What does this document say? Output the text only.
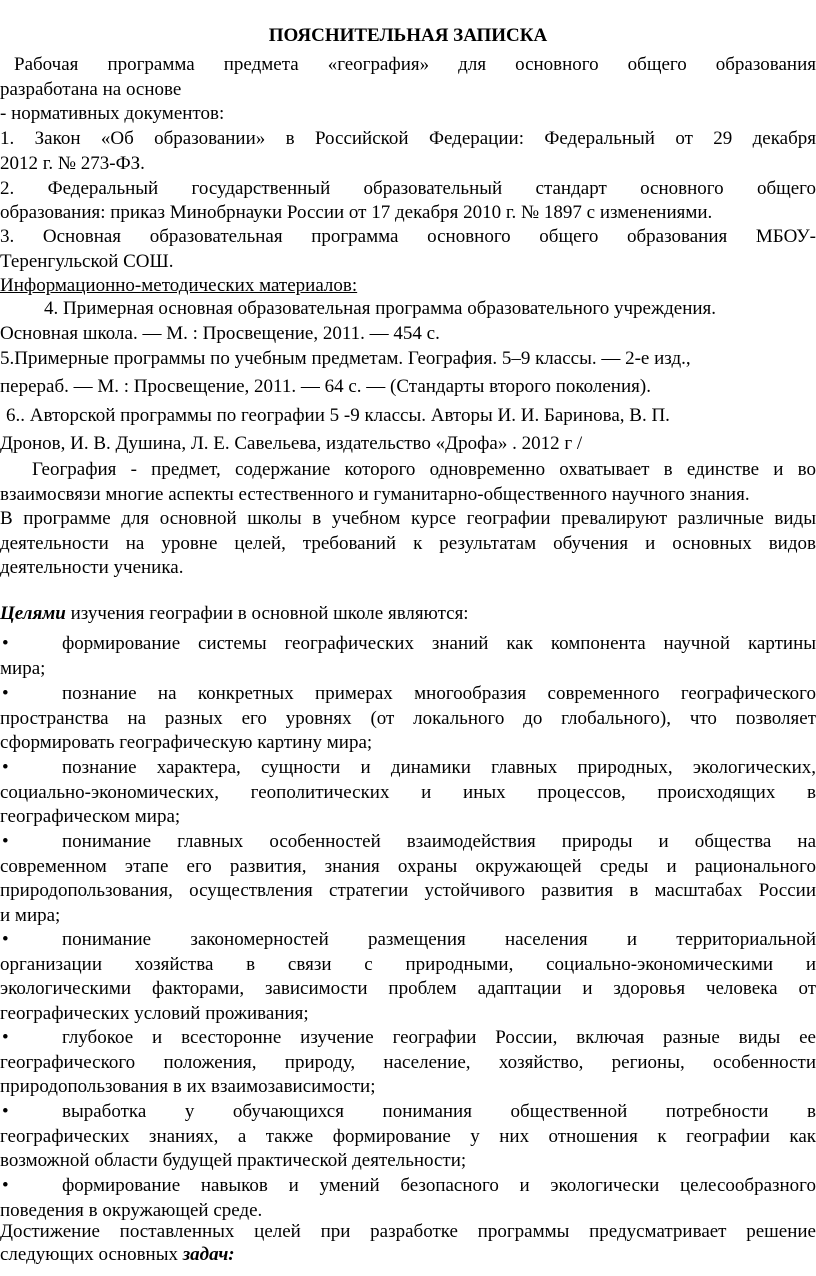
ПОЯСНИТЕЛЬНАЯ ЗАПИСКА
Рабочая программа предмета «география» для основного общего образования
разработана на основе
- нормативных документов:
1. Закон «Об образовании» в Российской Федерации: Федеральный от 29 декабря
2012 г. № 273-ФЗ.
2. Федеральный государственный образовательный стандарт основного общего
образования: приказ Минобрнауки России от 17 декабря 2010 г. № 1897 с изменениями.
3. Основная образовательная программа основного общего образования МБОУ-
Теренгульской СОШ.
Информационно-методических материалов:
4. Примерная основная образовательная программа образовательного учреждения.
Основная школа. — М. : Просвещение, 2011. — 454 с.
5.Примерные программы по учебным предметам. География. 5–9 классы. — 2-е изд.,
перераб. — М. : Просвещение, 2011. — 64 с. — (Стандарты второго поколения).
6.. Авторской программы по географии 5 -9 классы. Авторы И. И. Баринова, В. П.
Дронов, И. В. Душина, Л. Е. Савельева, издательство «Дрофа» . 2012 г /
География - предмет, содержание которого одновременно охватывает в единстве и во
взаимосвязи многие аспекты естественного и гуманитарно-общественного научного знания.
В программе для основной школы в учебном курсе географии превалируют различные виды
деятельности на уровне целей, требований к результатам обучения и основных видов
деятельности ученика.
Целями изучения географии в основной школе являются:
•	формирование системы географических знаний как компонента научной картины
мира;
•	познание на конкретных примерах многообразия современного географического
пространства на разных его уровнях (от локального до глобального), что позволяет
сформировать географическую картину мира;
•	познание характера, сущности и динамики главных природных, экологических,
социально-экономических, геополитических и иных процессов, происходящих в
географическом мира;
•	понимание главных особенностей взаимодействия природы и общества на
современном этапе его развития, знания охраны окружающей среды и рационального
природопользования, осуществления стратегии устойчивого развития в масштабах России
и мира;
•	понимание закономерностей размещения населения и территориальной
организации хозяйства в связи с природными, социально-экономическими и
экологическими факторами, зависимости проблем адаптации и здоровья человека от
географических условий проживания;
•	глубокое и всесторонне изучение географии России, включая разные виды ее
географического положения, природу, население, хозяйство, регионы, особенности
природопользования в их взаимозависимости;
•	выработка у обучающихся понимания общественной потребности в
географических знаниях, а также формирование у них отношения к географии как
возможной области будущей практической деятельности;
•	формирование навыков и умений безопасного и экологически целесообразного
поведения в окружающей среде.
Достижение поставленных целей при разработке программы предусматривает решение
следующих основных задач:
